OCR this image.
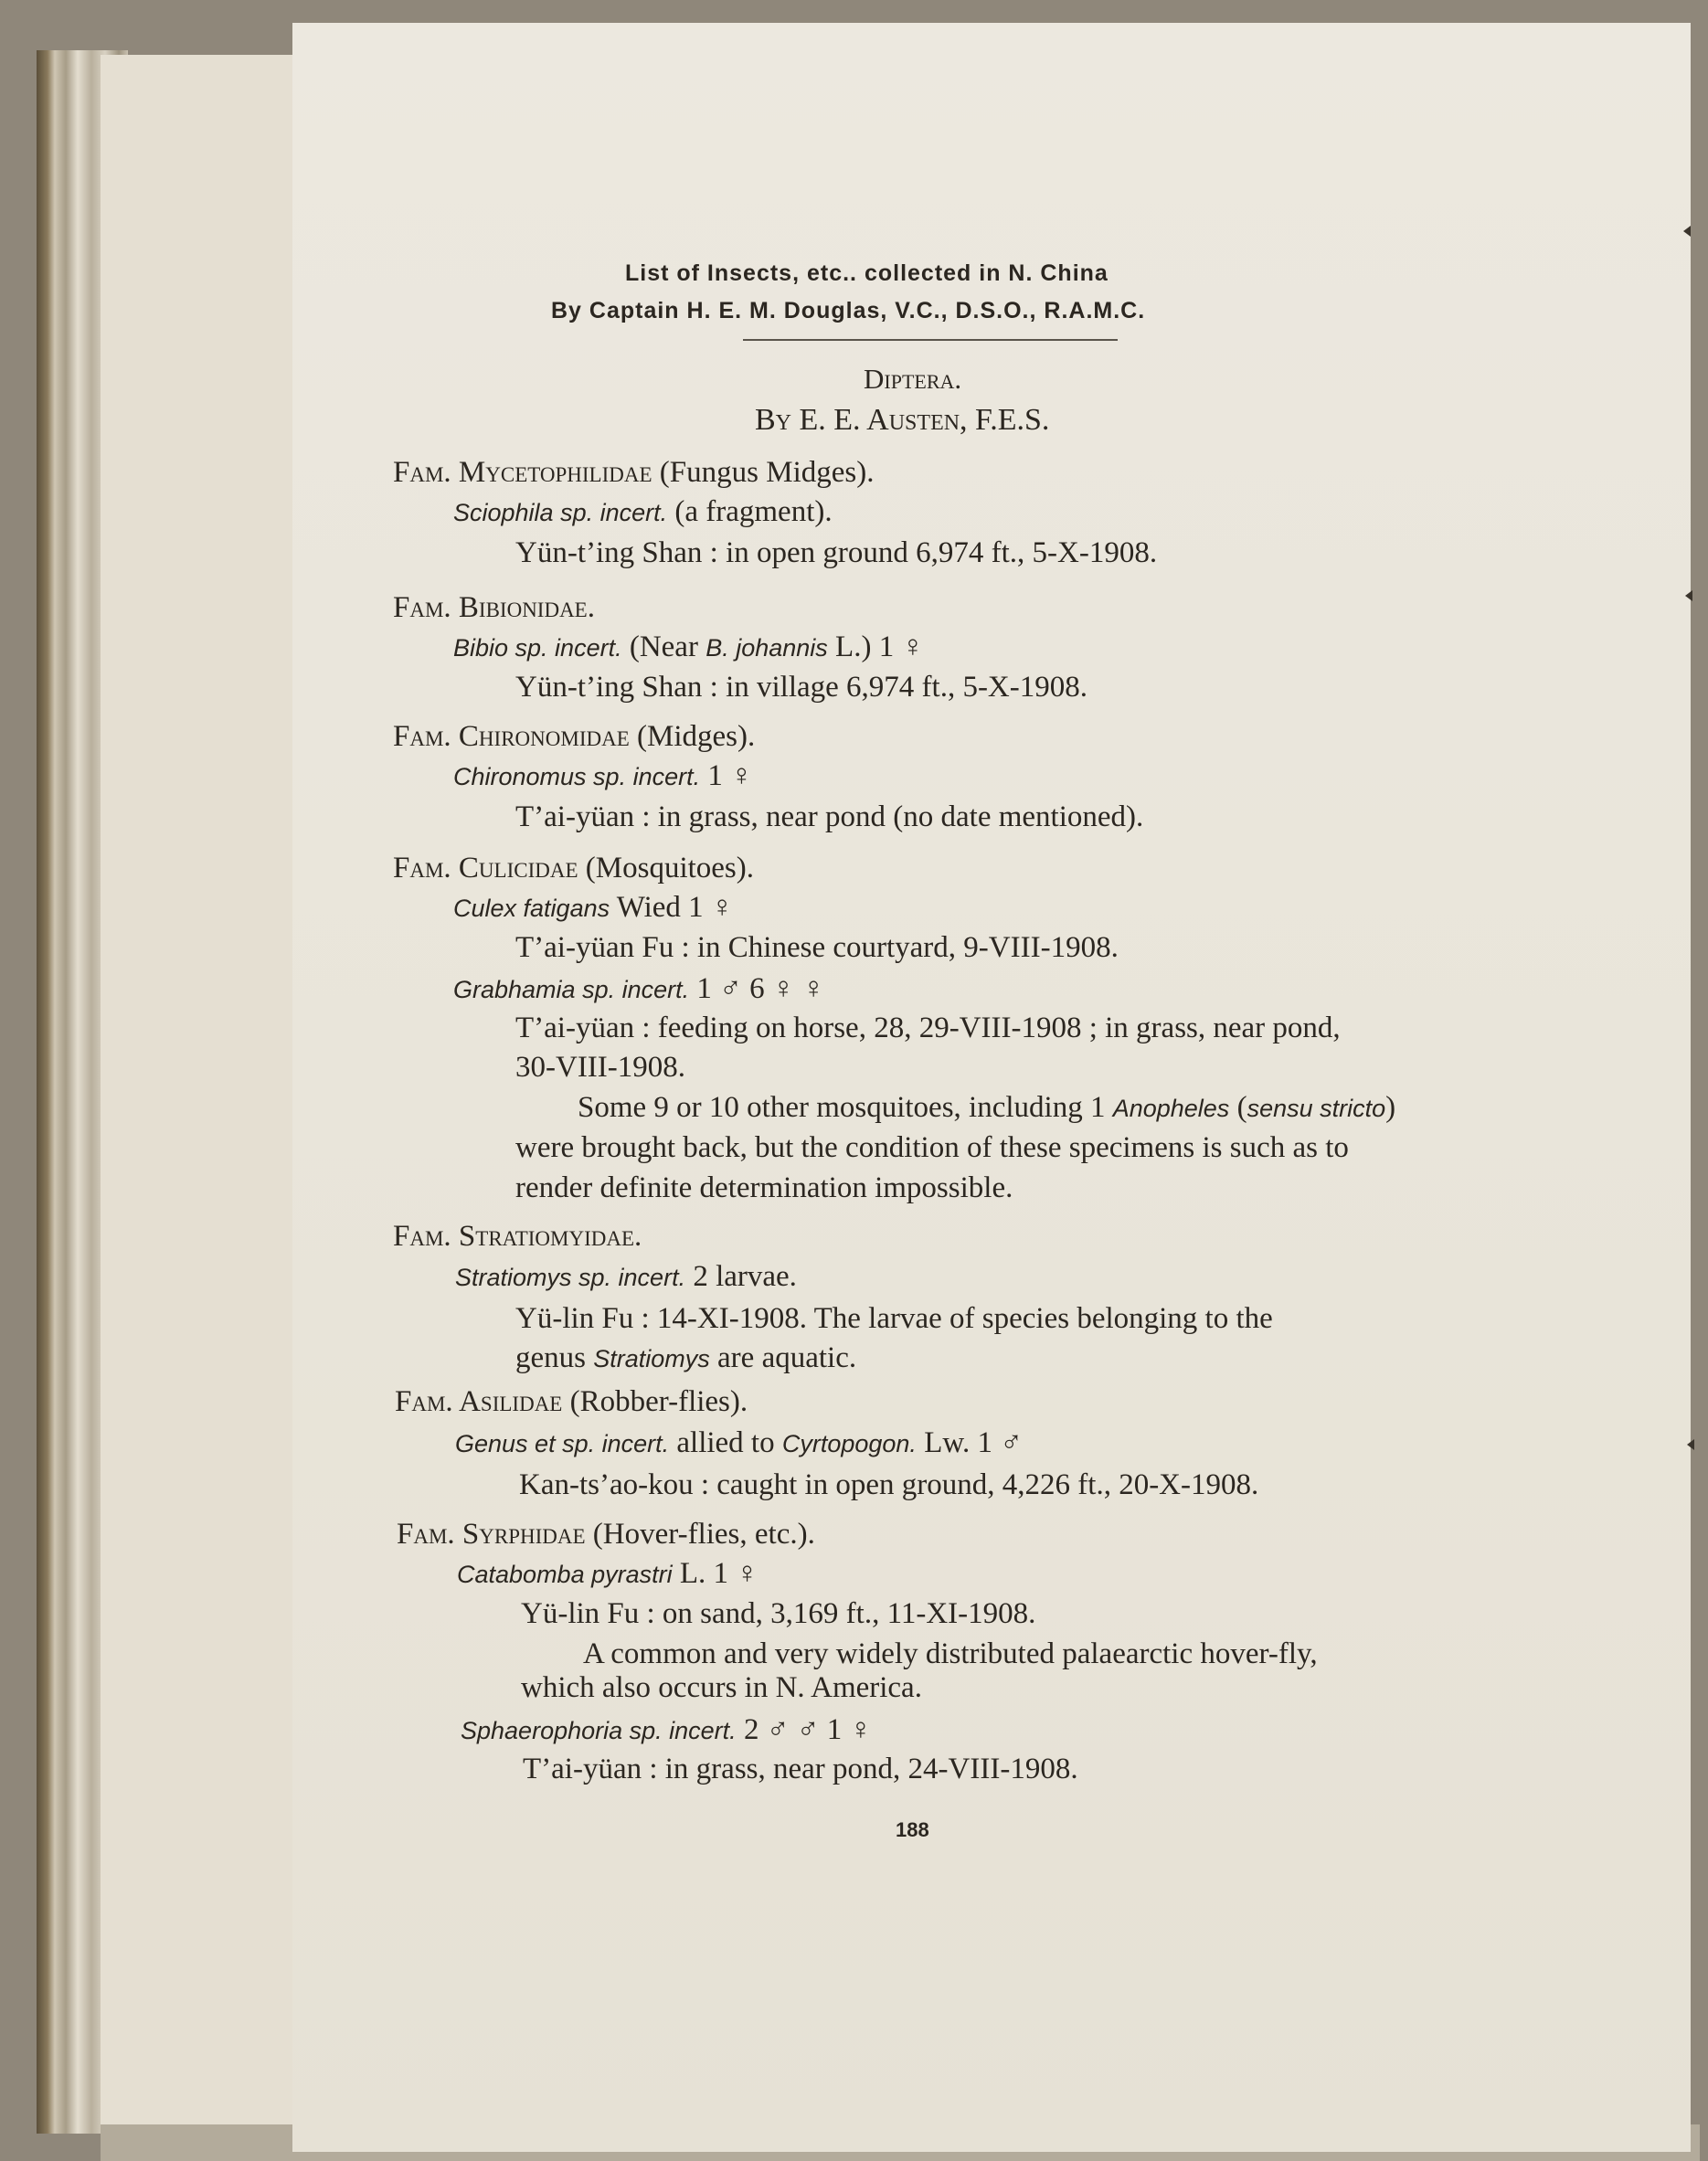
List of Insects, etc.. collected in N. China
By Captain H. E. M. Douglas, V.C., D.S.O., R.A.M.C.
Diptera.
By E. E. Austen, F.E.S.
Fam. Mycetophilidae (Fungus Midges).
Sciophila sp. incert. (a fragment).
Yün-t’ing Shan : in open ground 6,974 ft., 5-X-1908.
Fam. Bibionidae.
Bibio sp. incert. (Near B. johannis L.) 1 ♀
Yün-t’ing Shan : in village 6,974 ft., 5-X-1908.
Fam. Chironomidae (Midges).
Chironomus sp. incert. 1 ♀
T’ai-yüan : in grass, near pond (no date mentioned).
Fam. Culicidae (Mosquitoes).
Culex fatigans Wied 1 ♀
T’ai-yüan Fu : in Chinese courtyard, 9-VIII-1908.
Grabhamia sp. incert. 1 ♂ 6 ♀ ♀
T’ai-yüan : feeding on horse, 28, 29-VIII-1908 ; in grass, near pond,
30-VIII-1908.
Some 9 or 10 other mosquitoes, including 1 Anopheles (sensu stricto)
were brought back, but the condition of these specimens is such as to
render definite determination impossible.
Fam. Stratiomyidae.
Stratiomys sp. incert. 2 larvae.
Yü-lin Fu : 14-XI-1908. The larvae of species belonging to the
genus Stratiomys are aquatic.
Fam. Asilidae (Robber-flies).
Genus et sp. incert. allied to Cyrtopogon. Lw. 1 ♂
Kan-ts’ao-kou : caught in open ground, 4,226 ft., 20-X-1908.
Fam. Syrphidae (Hover-flies, etc.).
Catabomba pyrastri L. 1 ♀
Yü-lin Fu : on sand, 3,169 ft., 11-XI-1908.
A common and very widely distributed palaearctic hover-fly,
which also occurs in N. America.
Sphaerophoria sp. incert. 2 ♂ ♂ 1 ♀
T’ai-yüan : in grass, near pond, 24-VIII-1908.
188
